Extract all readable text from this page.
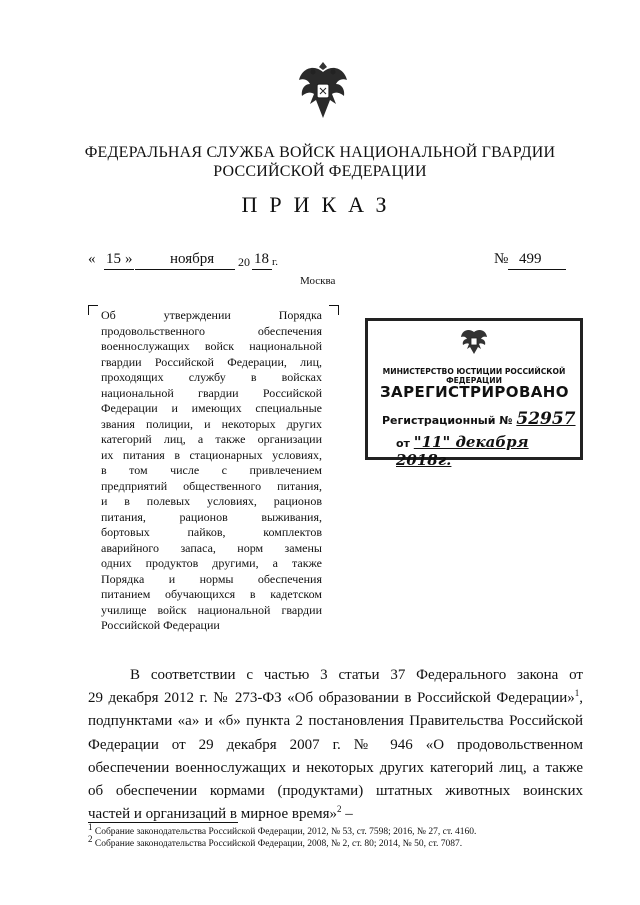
ФЕДЕРАЛЬНАЯ СЛУЖБА ВОЙСК НАЦИОНАЛЬНОЙ ГВАРДИИ
РОССИЙСКОЙ ФЕДЕРАЦИИ
ПРИКАЗ
« 15 »	ноября 20 18 г.	№ 499
Москва
Об утверждении Порядка
продовольственного обеспечения
военнослужащих войск национальной
гвардии Российской Федерации, лиц,
проходящих службу в войсках
национальной гвардии Российской
Федерации и имеющих специальные
звания полиции, и некоторых других
категорий лиц, а также организации
их питания в стационарных условиях,
в том числе с привлечением
предприятий общественного питания,
и в полевых условиях, рационов
питания, рационов выживания,
бортовых пайков, комплектов
аварийного запаса, норм замены
одних продуктов другими, а также
Порядка и нормы обеспечения
питанием обучающихся в кадетском
училище войск национальной гвардии
Российской Федерации
МИНИСТЕРСТВО ЮСТИЦИИ РОССИЙСКОЙ ФЕДЕРАЦИИ
ЗАРЕГИСТРИРОВАНО
Регистрационный № 52957
от "11" декабря 2018г.
В соответствии с частью 3 статьи 37 Федерального закона от
29 декабря 2012 г. № 273-ФЗ «Об образовании в Российской Федерации»$^1$,
подпунктами «а» и «б» пункта 2 постановления Правительства Российской
Федерации от 29 декабря 2007 г. № 946 «О продовольственном
обеспечении военнослужащих и некоторых других категорий лиц, а также
об обеспечении кормами (продуктами) штатных животных воинских
частей и организаций в мирное время»$^2$ –
$^1$ Собрание законодательства Российской Федерации, 2012, № 53, ст. 7598; 2016, № 27, ст. 4160.
$^2$ Собрание законодательства Российской Федерации, 2008, № 2, ст. 80; 2014, № 50, ст. 7087.
